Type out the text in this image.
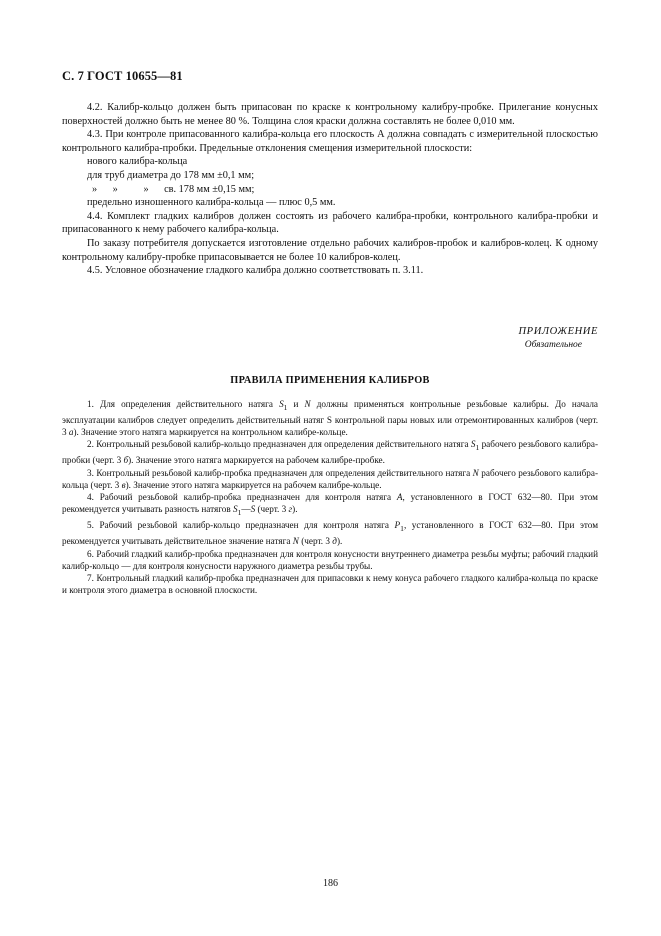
С. 7 ГОСТ 10655—81

4.2. Калибр-кольцо должен быть припасован по краске к контрольному калибру-пробке. Прилегание конусных поверхностей должно быть не менее 80 %. Толщина слоя краски должна составлять не более 0,010 мм.

4.3. При контроле припасованного калибра-кольца его плоскость А должна совпадать с измерительной плоскостью контрольного калибра-пробки. Предельные отклонения смещения измерительной плоскости:

нового калибра-кольца

для труб диаметра до 178 мм ±0,1 мм;

»      »          »      св. 178 мм ±0,15 мм;

предельно изношенного калибра-кольца — плюс 0,5 мм.

4.4. Комплект гладких калибров должен состоять из рабочего калибра-пробки, контрольного калибра-пробки и припасованного к нему рабочего калибра-кольца.

По заказу потребителя допускается изготовление отдельно рабочих калибров-пробок и калибров-колец. К одному контрольному калибру-пробке припасовывается не более 10 калибров-колец.

4.5. Условное обозначение гладкого калибра должно соответствовать п. 3.11.

ПРИЛОЖЕНИЕ
Обязательное
ПРАВИЛА ПРИМЕНЕНИЯ КАЛИБРОВ

1. Для определения действительного натяга $S_1$ и N должны применяться контрольные резьбовые калибры. До начала эксплуатации калибров следует определить действительный натяг S контрольной пары новых или отремонтированных калибров (черт. 3 а). Значение этого натяга маркируется на контрольном калибре-кольце.

2. Контрольный резьбовой калибр-кольцо предназначен для определения действительного натяга $S_1$ рабочего резьбового калибра-пробки (черт. 3 б). Значение этого натяга маркируется на рабочем калибре-пробке.

3. Контрольный резьбовой калибр-пробка предназначен для определения действительного натяга N рабочего резьбового калибра-кольца (черт. 3 в). Значение этого натяга маркируется на рабочем калибре-кольце.

4. Рабочий резьбовой калибр-пробка предназначен для контроля натяга А, установленного в ГОСТ 632—80. При этом рекомендуется учитывать разность натягов $S_1—S$ (черт. 3 г).

5. Рабочий резьбовой калибр-кольцо предназначен для контроля натяга $Р_1$, установленного в ГОСТ 632—80. При этом рекомендуется учитывать действительное значение натяга N (черт. 3 д).

6. Рабочий гладкий калибр-пробка предназначен для контроля конусности внутреннего диаметра резьбы муфты; рабочий гладкий калибр-кольцо — для контроля конусности наружного диаметра резьбы трубы.

7. Контрольный гладкий калибр-пробка предназначен для припасовки к нему конуса рабочего гладкого калибра-кольца по краске и контроля этого диаметра в основной плоскости.

186
